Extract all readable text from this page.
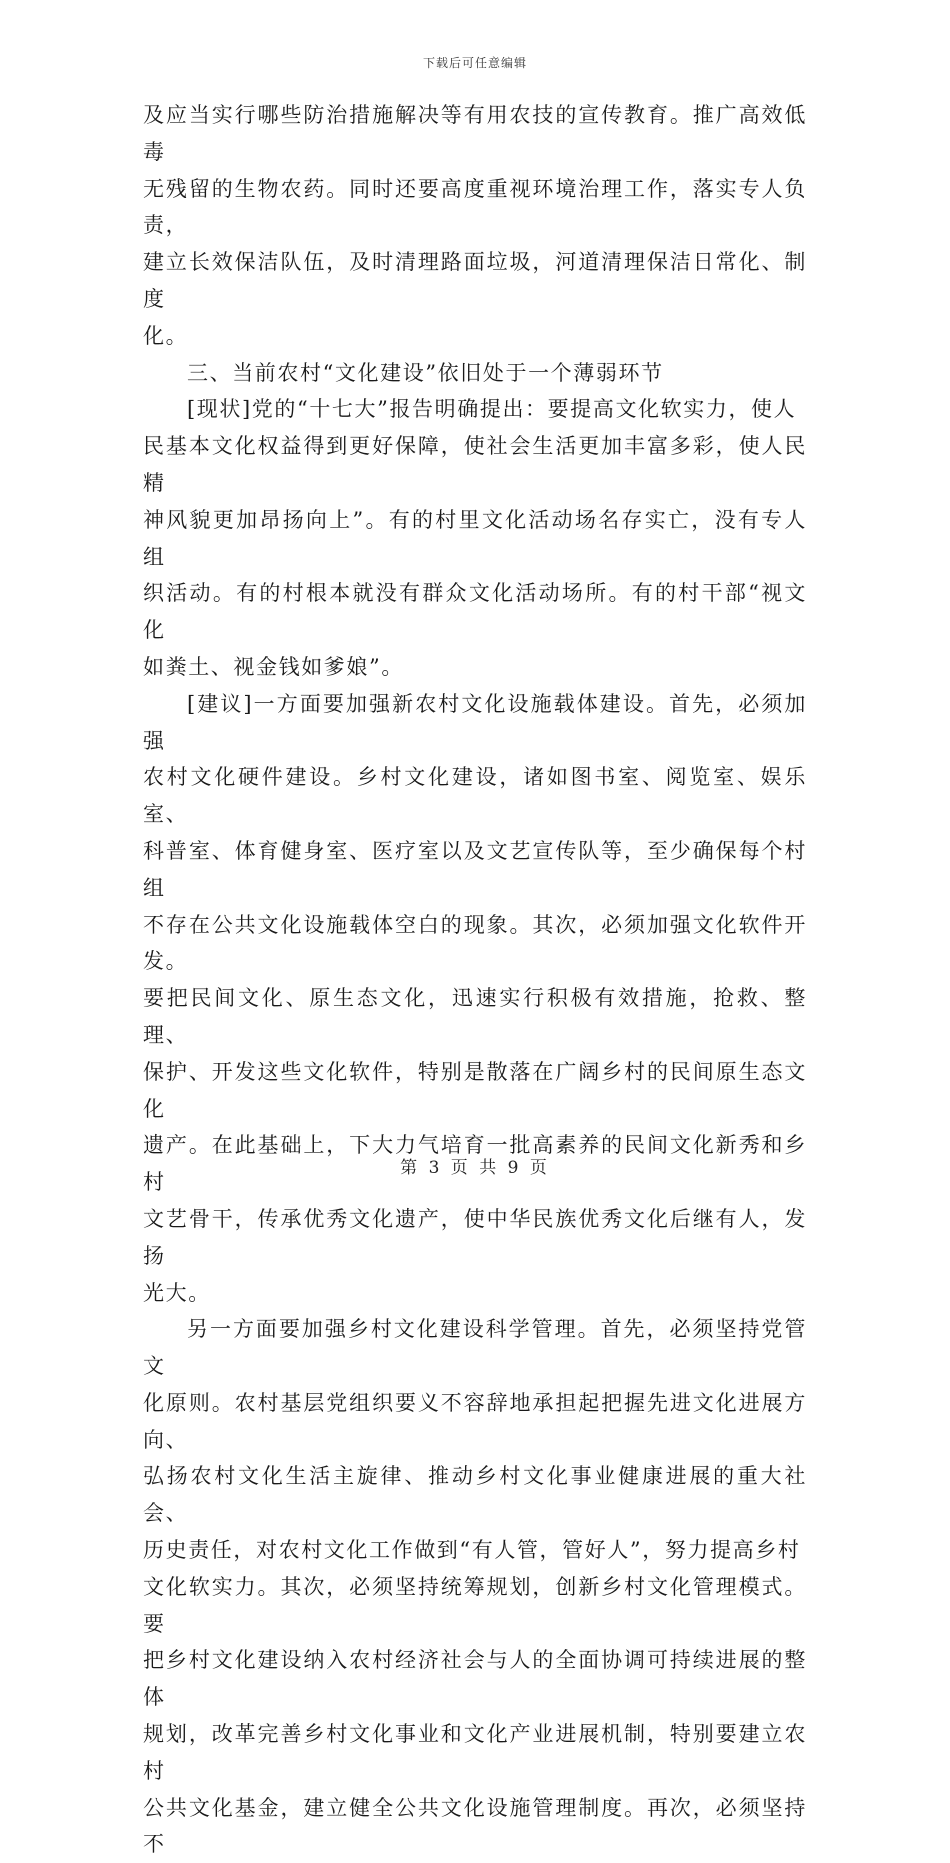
下载后可任意编辑

及应当实行哪些防治措施解决等有用农技的宣传教育。推广高效低毒
无残留的生物农药。同时还要高度重视环境治理工作，落实专人负责，
建立长效保洁队伍，及时清理路面垃圾，河道清理保洁日常化、制度
化。

三、当前农村“文化建设”依旧处于一个薄弱环节

[现状]党的“十七大”报告明确提出：要提高文化软实力，使人
民基本文化权益得到更好保障，使社会生活更加丰富多彩，使人民精
神风貌更加昂扬向上”。有的村里文化活动场名存实亡，没有专人组
织活动。有的村根本就没有群众文化活动场所。有的村干部“视文化
如粪土、视金钱如爹娘”。

[建议]一方面要加强新农村文化设施载体建设。首先，必须加强
农村文化硬件建设。乡村文化建设，诸如图书室、阅览室、娱乐室、
科普室、体育健身室、医疗室以及文艺宣传队等，至少确保每个村组
不存在公共文化设施载体空白的现象。其次，必须加强文化软件开发。
要把民间文化、原生态文化，迅速实行积极有效措施，抢救、整理、
保护、开发这些文化软件，特别是散落在广阔乡村的民间原生态文化
遗产。在此基础上，下大力气培育一批高素养的民间文化新秀和乡村
文艺骨干，传承优秀文化遗产，使中华民族优秀文化后继有人，发扬
光大。

另一方面要加强乡村文化建设科学管理。首先，必须坚持党管文
化原则。农村基层党组织要义不容辞地承担起把握先进文化进展方向、
弘扬农村文化生活主旋律、推动乡村文化事业健康进展的重大社会、
历史责任，对农村文化工作做到“有人管，管好人”，努力提高乡村
文化软实力。其次，必须坚持统筹规划，创新乡村文化管理模式。要
把乡村文化建设纳入农村经济社会与人的全面协调可持续进展的整体
规划，改革完善乡村文化事业和文化产业进展机制，特别要建立农村
公共文化基金，建立健全公共文化设施管理制度。再次，必须坚持不

第 3 页 共 9 页
